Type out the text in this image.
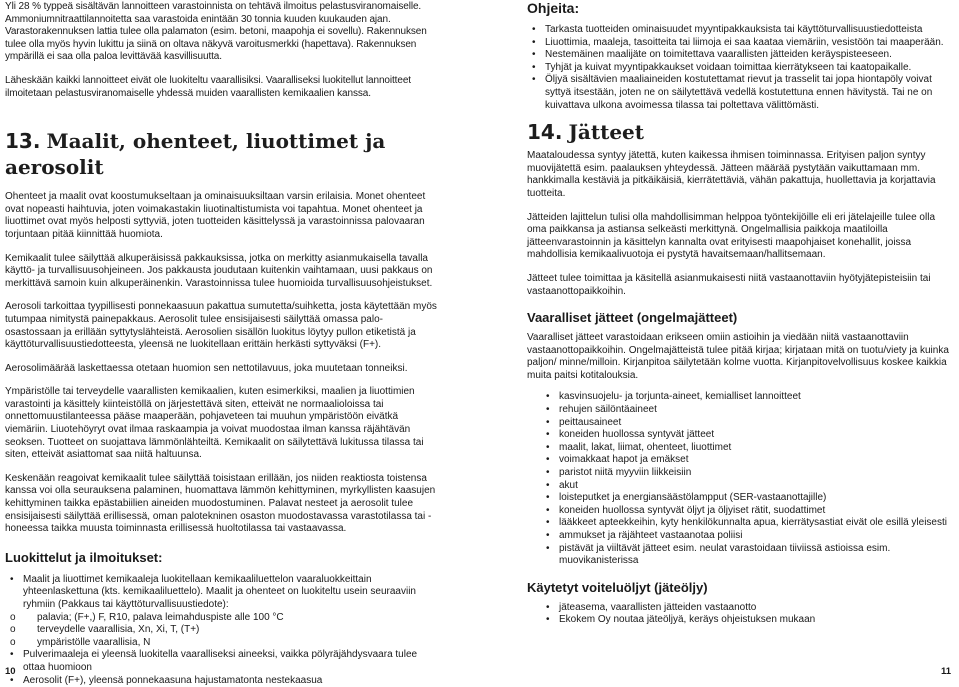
Yli 28 % typpeä sisältävän lannoitteen varastoinnista on tehtävä ilmoitus pelastusviranomaiselle. Ammoniumnitraattilannoitetta saa varastoida enintään 30 tonnia kuuden kuukauden ajan. Varastorakennuksen lattia tulee olla palamaton (esim. betoni, maapohja ei sovellu). Rakennuksen tulee olla myös hyvin lukittu ja siinä on oltava näkyvä varoitusmerkki (hapettava). Rakennuksen ympärillä ei saa olla paloa levittävää kasvillisuutta.

Läheskään kaikki lannoitteet eivät ole luokiteltu vaarallisiksi. Vaaralliseksi luokitellut lannoitteet ilmoitetaan pelastusviranomaiselle yhdessä muiden vaarallisten kemikaalien kanssa.

13. Maalit, ohenteet, liuottimet ja aerosolit

Ohenteet ja maalit ovat koostumukseltaan ja ominaisuuksiltaan varsin erilaisia. Monet ohenteet ovat nopeasti haihtuvia, joten voimakastakin liuotinaltistumista voi tapahtua. Monet ohenteet ja liuottimet ovat myös helposti syttyviä, joten tuotteiden käsittelyssä ja varastoinnissa palovaaran torjuntaan pitää kiinnittää huomiota.

Kemikaalit tulee säilyttää alkuperäisissä pakkauksissa, jotka on merkitty asianmukaisella tavalla käyttö- ja turvallisuusohjeineen. Jos pakkausta joudutaan kuitenkin vaihtamaan, uusi pakkaus on merkittävä samoin kuin alkuperäinenkin. Varastoinnissa tulee huomioida turvallisuusohjeistukset.

Aerosoli tarkoittaa tyypillisesti ponnekaasuun pakattua sumutetta/suihketta, josta käytettään myös tutumpaa nimitystä painepakkaus. Aerosolit tulee ensisijaisesti säilyttää omassa palo-osastossaan ja erillään syttytyslähteistä. Aerosolien sisällön luokitus löytyy pullon etiketistä ja käyttöturvallisuustiedotteesta, yleensä ne luokitellaan erittäin herkästi syttyväksi (F+).

Aerosolimäärää laskettaessa otetaan huomion sen nettotilavuus, joka muutetaan tonneiksi.

Ympäristölle tai terveydelle vaarallisten kemikaalien, kuten esimerkiksi, maalien ja liuottimien varastointi ja käsittely kiinteistöllä on järjestettävä siten, etteivät ne normaalioloissa tai onnettomuustilanteessa pääse maaperään, pohjaveteen tai muuhun ympäristöön eivätkä viemäriin. Liuotehöyryt ovat ilmaa raskaampia ja voivat muodostaa ilman kanssa räjähtävän seoksen. Tuotteet on suojattava lämmönlähteiltä. Kemikaalit on säilytettävä lukitussa tilassa tai siten, etteivät asiattomat saa niitä haltuunsa.

Keskenään reagoivat kemikaalit tulee säilyttää toisistaan erillään, jos niiden reaktiosta toistensa kanssa voi olla seurauksena palaminen, huomattava lämmön kehittyminen, myrkyllisten kaasujen kehittyminen taikka epästabiilien aineiden muodostuminen. Palavat nesteet ja aerosolit tulee ensisijaisesti säilyttää erillisessä, oman palotekninen osaston muodostavassa varastotilassa tai -honeessa taikka muusta toiminnasta erillisessä huoltotilassa tai vastaavassa.

Luokittelut ja ilmoitukset:
• Maalit ja liuottimet kemikaaleja luokitellaan kemikaaliluettelon vaaraluokkeittain yhteenlaskettuna (kts. kemikaaliluettelo). Maalit ja ohenteet on luokiteltu usein seuraaviin ryhmiin (Pakkaus tai käyttöturvallisuustiedote):
o palavia; (F+,) F, R10, palava leimahduspiste alle 100 °C
o terveydelle vaarallisia, Xn, Xi, T, (T+)
o ympäristölle vaarallisia, N
• Pulverimaaleja ei yleensä luokitella vaaralliseksi aineeksi, vaikka pölyräjähdysvaara tulee ottaa huomioon
• Aerosolit (F+), yleensä ponnekaasuna hajustamatonta nestekaasua
10
Ohjeita:
• Tarkasta tuotteiden ominaisuudet myyntipakkauksista tai käyttöturvallisuustiedotteista
• Liuottimia, maaleja, tasoitteita tai liimoja ei saa kaataa viemäriin, vesistöön tai maaperään.
• Nestemäinen maalijäte on toimitettava vaarallisten jätteiden keräyspisteeseen.
• Tyhjät ja kuivat myyntipakkaukset voidaan toimittaa kierrätykseen tai kaatopaikalle.
• Öljyä sisältävien maaliaineiden kostutettamat rievut ja trasselit tai jopa hiontapöly voivat syttyä itsestään, joten ne on säilytettävä vedellä kostutettuna ennen hävitystä. Tai ne on kuivattava ulkona avoimessa tilassa tai poltettava välittömästi.
14. Jätteet

Maataloudessa syntyy jätettä, kuten kaikessa ihmisen toiminnassa. Erityisen paljon syntyy muovijätettä esim. paalauksen yhteydessä. Jätteen määrää pystytään vaikuttamaan mm. hankkimalla kestäviä ja pitkäikäisiä, kierrätettäviä, vähän pakattuja, huollettavia ja korjattavia tuotteita.

Jätteiden lajittelun tulisi olla mahdollisimman helppoa työntekijöille eli eri jätelajeille tulee olla oma paikkansa ja astiansa selkeästi merkittynä. Ongelmallisia paikkoja maatiloilla jätteenvarastoinnin ja käsittelyn kannalta ovat erityisesti maapohjaiset konehallit, joissa mahdollisia kemikaalivuotoja ei pystytä havaitsemaan/hallitsemaan.

Jätteet tulee toimittaa ja käsitellä asianmukaisesti niitä vastaanottaviin hyötyjätepisteisiin tai vastaanottopaikkoihin.

Vaaralliset jätteet (ongelmajätteet)

Vaaralliset jätteet varastoidaan erikseen omiin astioihin ja viedään niitä vastaanottaviin vastaanottopaikkoihin. Ongelmajätteistä tulee pitää kirjaa; kirjataan mitä on tuotu/viety ja kuinka paljon/ minne/milloin. Kirjanpitoa säilytetään kolme vuotta. Kirjanpitovelvollisuus koskee kaikkia muita paitsi kotitalouksia.

• kasvinsuojelu- ja torjunta-aineet, kemialliset lannoitteet
• rehujen säilöntäaineet
• peittausaineet
• koneiden huollossa syntyvät jätteet
• maalit, lakat, liimat, ohenteet, liuottimet
• voimakkaat hapot ja emäkset
• paristot niitä myyviin liikkeisiin
• akut
• loisteputket ja energiansäästölampput (SER-vastaanottajille)
• koneiden huollossa syntyvät öljyt ja öljyiset rätit, suodattimet
• lääkkeet apteekkeihin, kyty henkilökunnalta apua, kierrätysastiat eivät ole esillä yleisesti
• ammukset ja räjähteet vastaanotaa poliisi
• pistävät ja viiltävät jätteet esim. neulat varastoidaan tiiviissä astioissa esim. muovikanisterissa
Käytetyt voiteluöljyt (jäteöljy)
• jäteasema, vaarallisten jätteiden vastaanotto
• Ekokem Oy noutaa jäteöljyä, keräys ohjeistuksen mukaan
11
